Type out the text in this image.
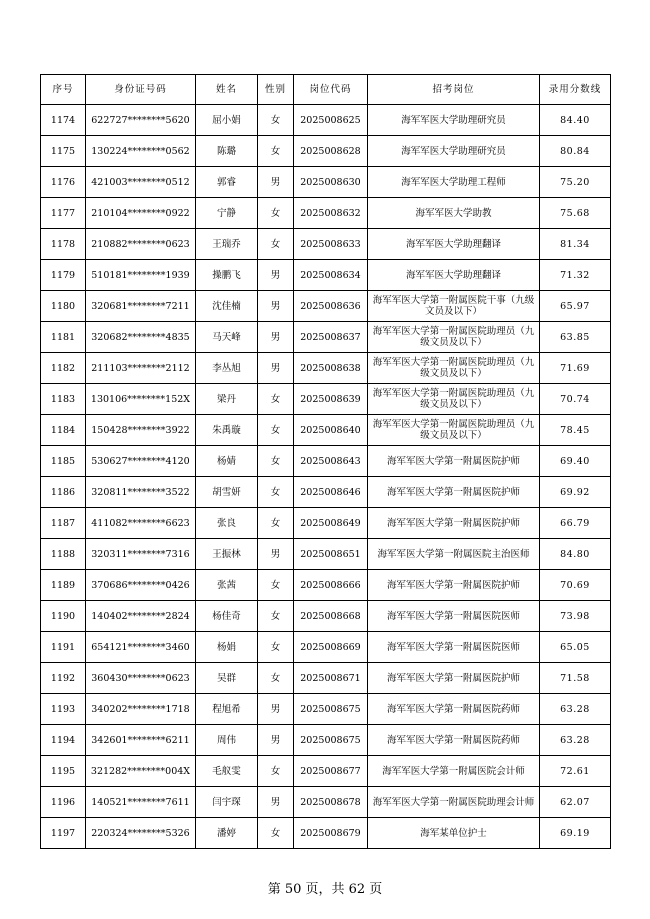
序号	身份证号码	姓名	性别	岗位代码	招考岗位	录用分数线
1174	622727********5620	屈小娟	女	2025008625	海军军医大学助理研究员	84.40
1175	130224********0562	陈璐	女	2025008628	海军军医大学助理研究员	80.84
1176	421003********0512	郭睿	男	2025008630	海军军医大学助理工程师	75.20
1177	210104********0922	宁静	女	2025008632	海军军医大学助教	75.68
1178	210882********0623	王瑞乔	女	2025008633	海军军医大学助理翻译	81.34
1179	510181********1939	操鹏飞	男	2025008634	海军军医大学助理翻译	71.32
1180	320681********7211	沈佳楠	男	2025008636	海军军医大学第一附属医院干事（九级文员及以下）	65.97
1181	320682********4835	马天峰	男	2025008637	海军军医大学第一附属医院助理员（九级文员及以下）	63.85
1182	211103********2112	李丛旭	男	2025008638	海军军医大学第一附属医院助理员（九级文员及以下）	71.69
1183	130106********152X	梁丹	女	2025008639	海军军医大学第一附属医院助理员（九级文员及以下）	70.74
1184	150428********3922	朱禹璇	女	2025008640	海军军医大学第一附属医院助理员（九级文员及以下）	78.45
1185	530627********4120	杨婧	女	2025008643	海军军医大学第一附属医院护师	69.40
1186	320811********3522	胡雪妍	女	2025008646	海军军医大学第一附属医院护师	69.92
1187	411082********6623	张良	女	2025008649	海军军医大学第一附属医院护师	66.79
1188	320311********7316	王振林	男	2025008651	海军军医大学第一附属医院主治医师	84.80
1189	370686********0426	张茜	女	2025008666	海军军医大学第一附属医院护师	70.69
1190	140402********2824	杨佳奇	女	2025008668	海军军医大学第一附属医院医师	73.98
1191	654121********3460	杨娟	女	2025008669	海军军医大学第一附属医院医师	65.05
1192	360430********0623	吴群	女	2025008671	海军军医大学第一附属医院护师	71.58
1193	340202********1718	程旭希	男	2025008675	海军军医大学第一附属医院药师	63.28
1194	342601********6211	周伟	男	2025008675	海军军医大学第一附属医院药师	63.28
1195	321282********004X	毛舣雯	女	2025008677	海军军医大学第一附属医院会计师	72.61
1196	140521********7611	闫宇琛	男	2025008678	海军军医大学第一附属医院助理会计师	62.07
1197	220324********5326	潘婷	女	2025008679	海军某单位护士	69.19
第 50 页，共 62 页
